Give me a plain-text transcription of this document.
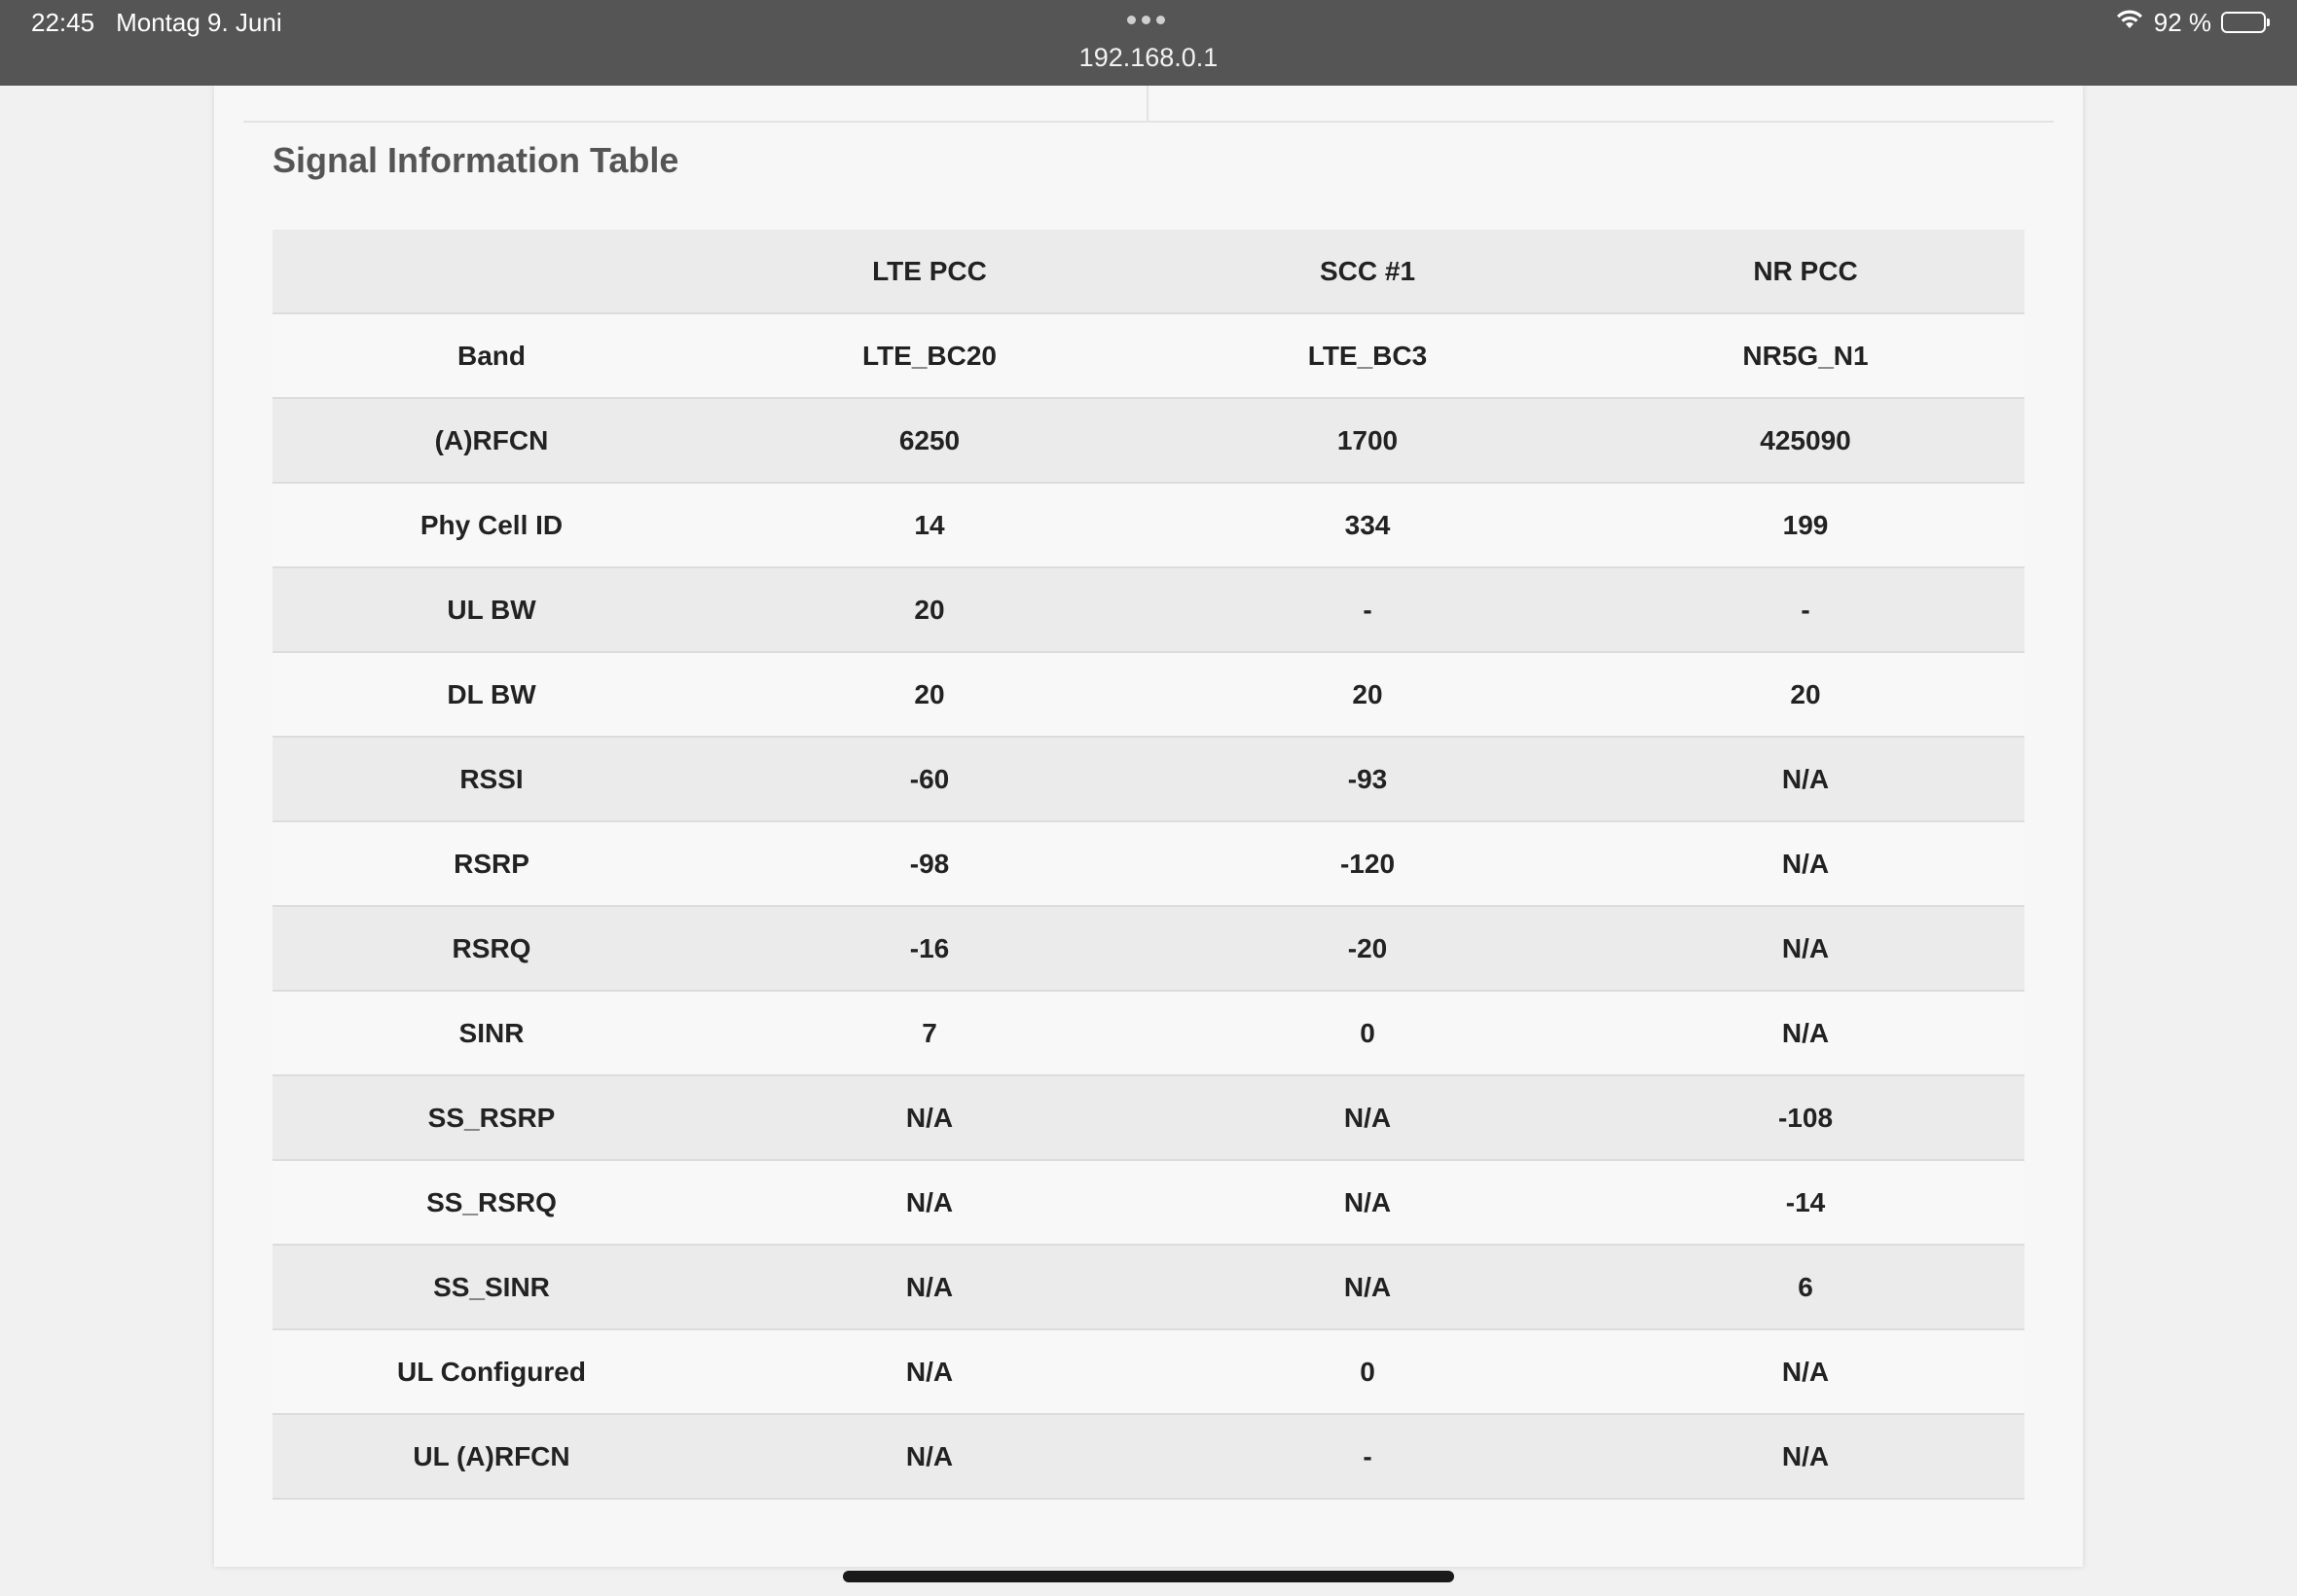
22:45 Montag 9. Juni
192.168.0.1
92 %
Signal Information Table
	LTE PCC	SCC #1	NR PCC
Band	LTE_BC20	LTE_BC3	NR5G_N1
(A)RFCN	6250	1700	425090
Phy Cell ID	14	334	199
UL BW	20	-	-
DL BW	20	20	20
RSSI	-60	-93	N/A
RSRP	-98	-120	N/A
RSRQ	-16	-20	N/A
SINR	7	0	N/A
SS_RSRP	N/A	N/A	-108
SS_RSRQ	N/A	N/A	-14
SS_SINR	N/A	N/A	6
UL Configured	N/A	0	N/A
UL (A)RFCN	N/A	-	N/A
